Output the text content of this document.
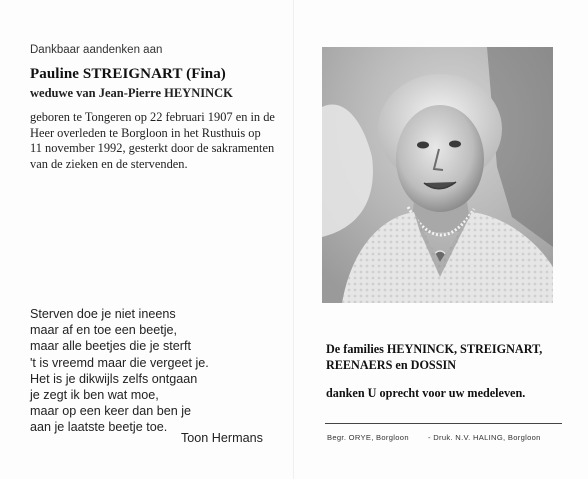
Dankbaar aandenken aan
Pauline STREIGNART (Fina)
weduwe van Jean-Pierre HEYNINCK
geboren te Tongeren op 22 februari 1907 en in de
Heer overleden te Borgloon in het Rusthuis op
11 november 1992, gesterkt door de sakramenten
van de zieken en de stervenden.
Sterven doe je niet ineens
maar af en toe een beetje,
maar alle beetjes die je sterft
't is vreemd maar die vergeet je.
Het is je dikwijls zelfs ontgaan
je zegt ik ben wat moe,
maar op een keer dan ben je
aan je laatste beetje toe.
Toon Hermans
De families HEYNINCK, STREIGNART,
REENAERS en DOSSIN
danken U oprecht voor uw medeleven.
Begr. ORYE, Borgloon	- Druk. N.V. HALING, Borgloon
